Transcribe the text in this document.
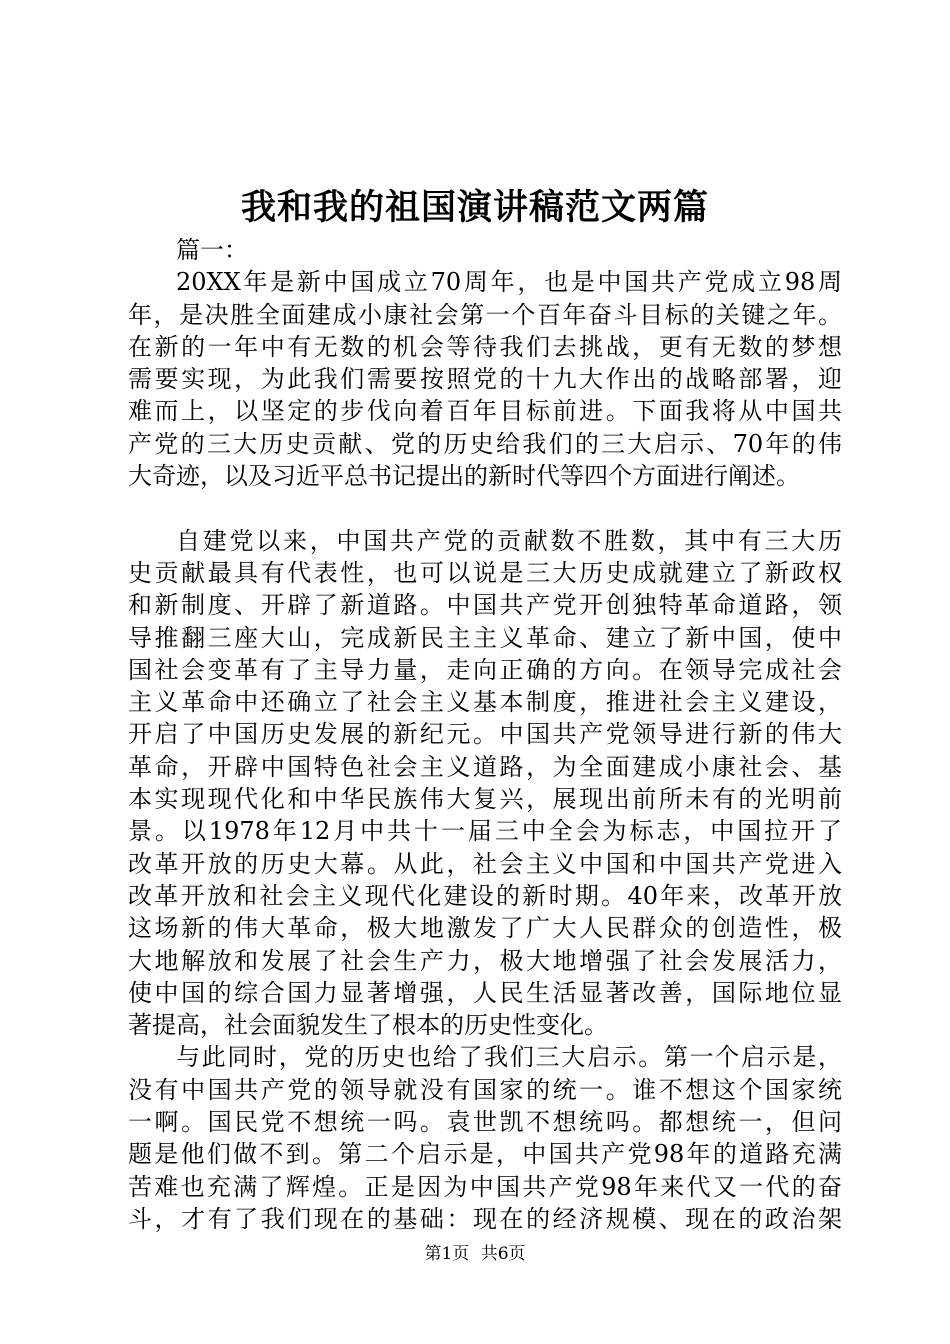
我和我的祖国演讲稿范文两篇
篇一：
20XX年是新中国成立70周年，也是中国共产党成立98周
年，是决胜全面建成小康社会第一个百年奋斗目标的关键之年。
在新的一年中有无数的机会等待我们去挑战，更有无数的梦想
需要实现，为此我们需要按照党的十九大作出的战略部署，迎
难而上，以坚定的步伐向着百年目标前进。下面我将从中国共
产党的三大历史贡献、党的历史给我们的三大启示、70年的伟
大奇迹，以及习近平总书记提出的新时代等四个方面进行阐述。
自建党以来，中国共产党的贡献数不胜数，其中有三大历
史贡献最具有代表性，也可以说是三大历史成就建立了新政权
和新制度、开辟了新道路。中国共产党开创独特革命道路，领
导推翻三座大山，完成新民主主义革命、建立了新中国，使中
国社会变革有了主导力量，走向正确的方向。在领导完成社会
主义革命中还确立了社会主义基本制度，推进社会主义建设，
开启了中国历史发展的新纪元。中国共产党领导进行新的伟大
革命，开辟中国特色社会主义道路，为全面建成小康社会、基
本实现现代化和中华民族伟大复兴，展现出前所未有的光明前
景。以1978年12月中共十一届三中全会为标志，中国拉开了
改革开放的历史大幕。从此，社会主义中国和中国共产党进入
改革开放和社会主义现代化建设的新时期。40年来，改革开放
这场新的伟大革命，极大地激发了广大人民群众的创造性，极
大地解放和发展了社会生产力，极大地增强了社会发展活力，
使中国的综合国力显著增强，人民生活显著改善，国际地位显
著提高，社会面貌发生了根本的历史性变化。
与此同时，党的历史也给了我们三大启示。第一个启示是，
没有中国共产党的领导就没有国家的统一。谁不想这个国家统
一啊。国民党不想统一吗。袁世凯不想统吗。都想统一，但问
题是他们做不到。第二个启示是，中国共产党98年的道路充满
苦难也充满了辉煌。正是因为中国共产党98年来代又一代的奋
斗，才有了我们现在的基础：现在的经济规模、现在的政治架
第1页 共6页
